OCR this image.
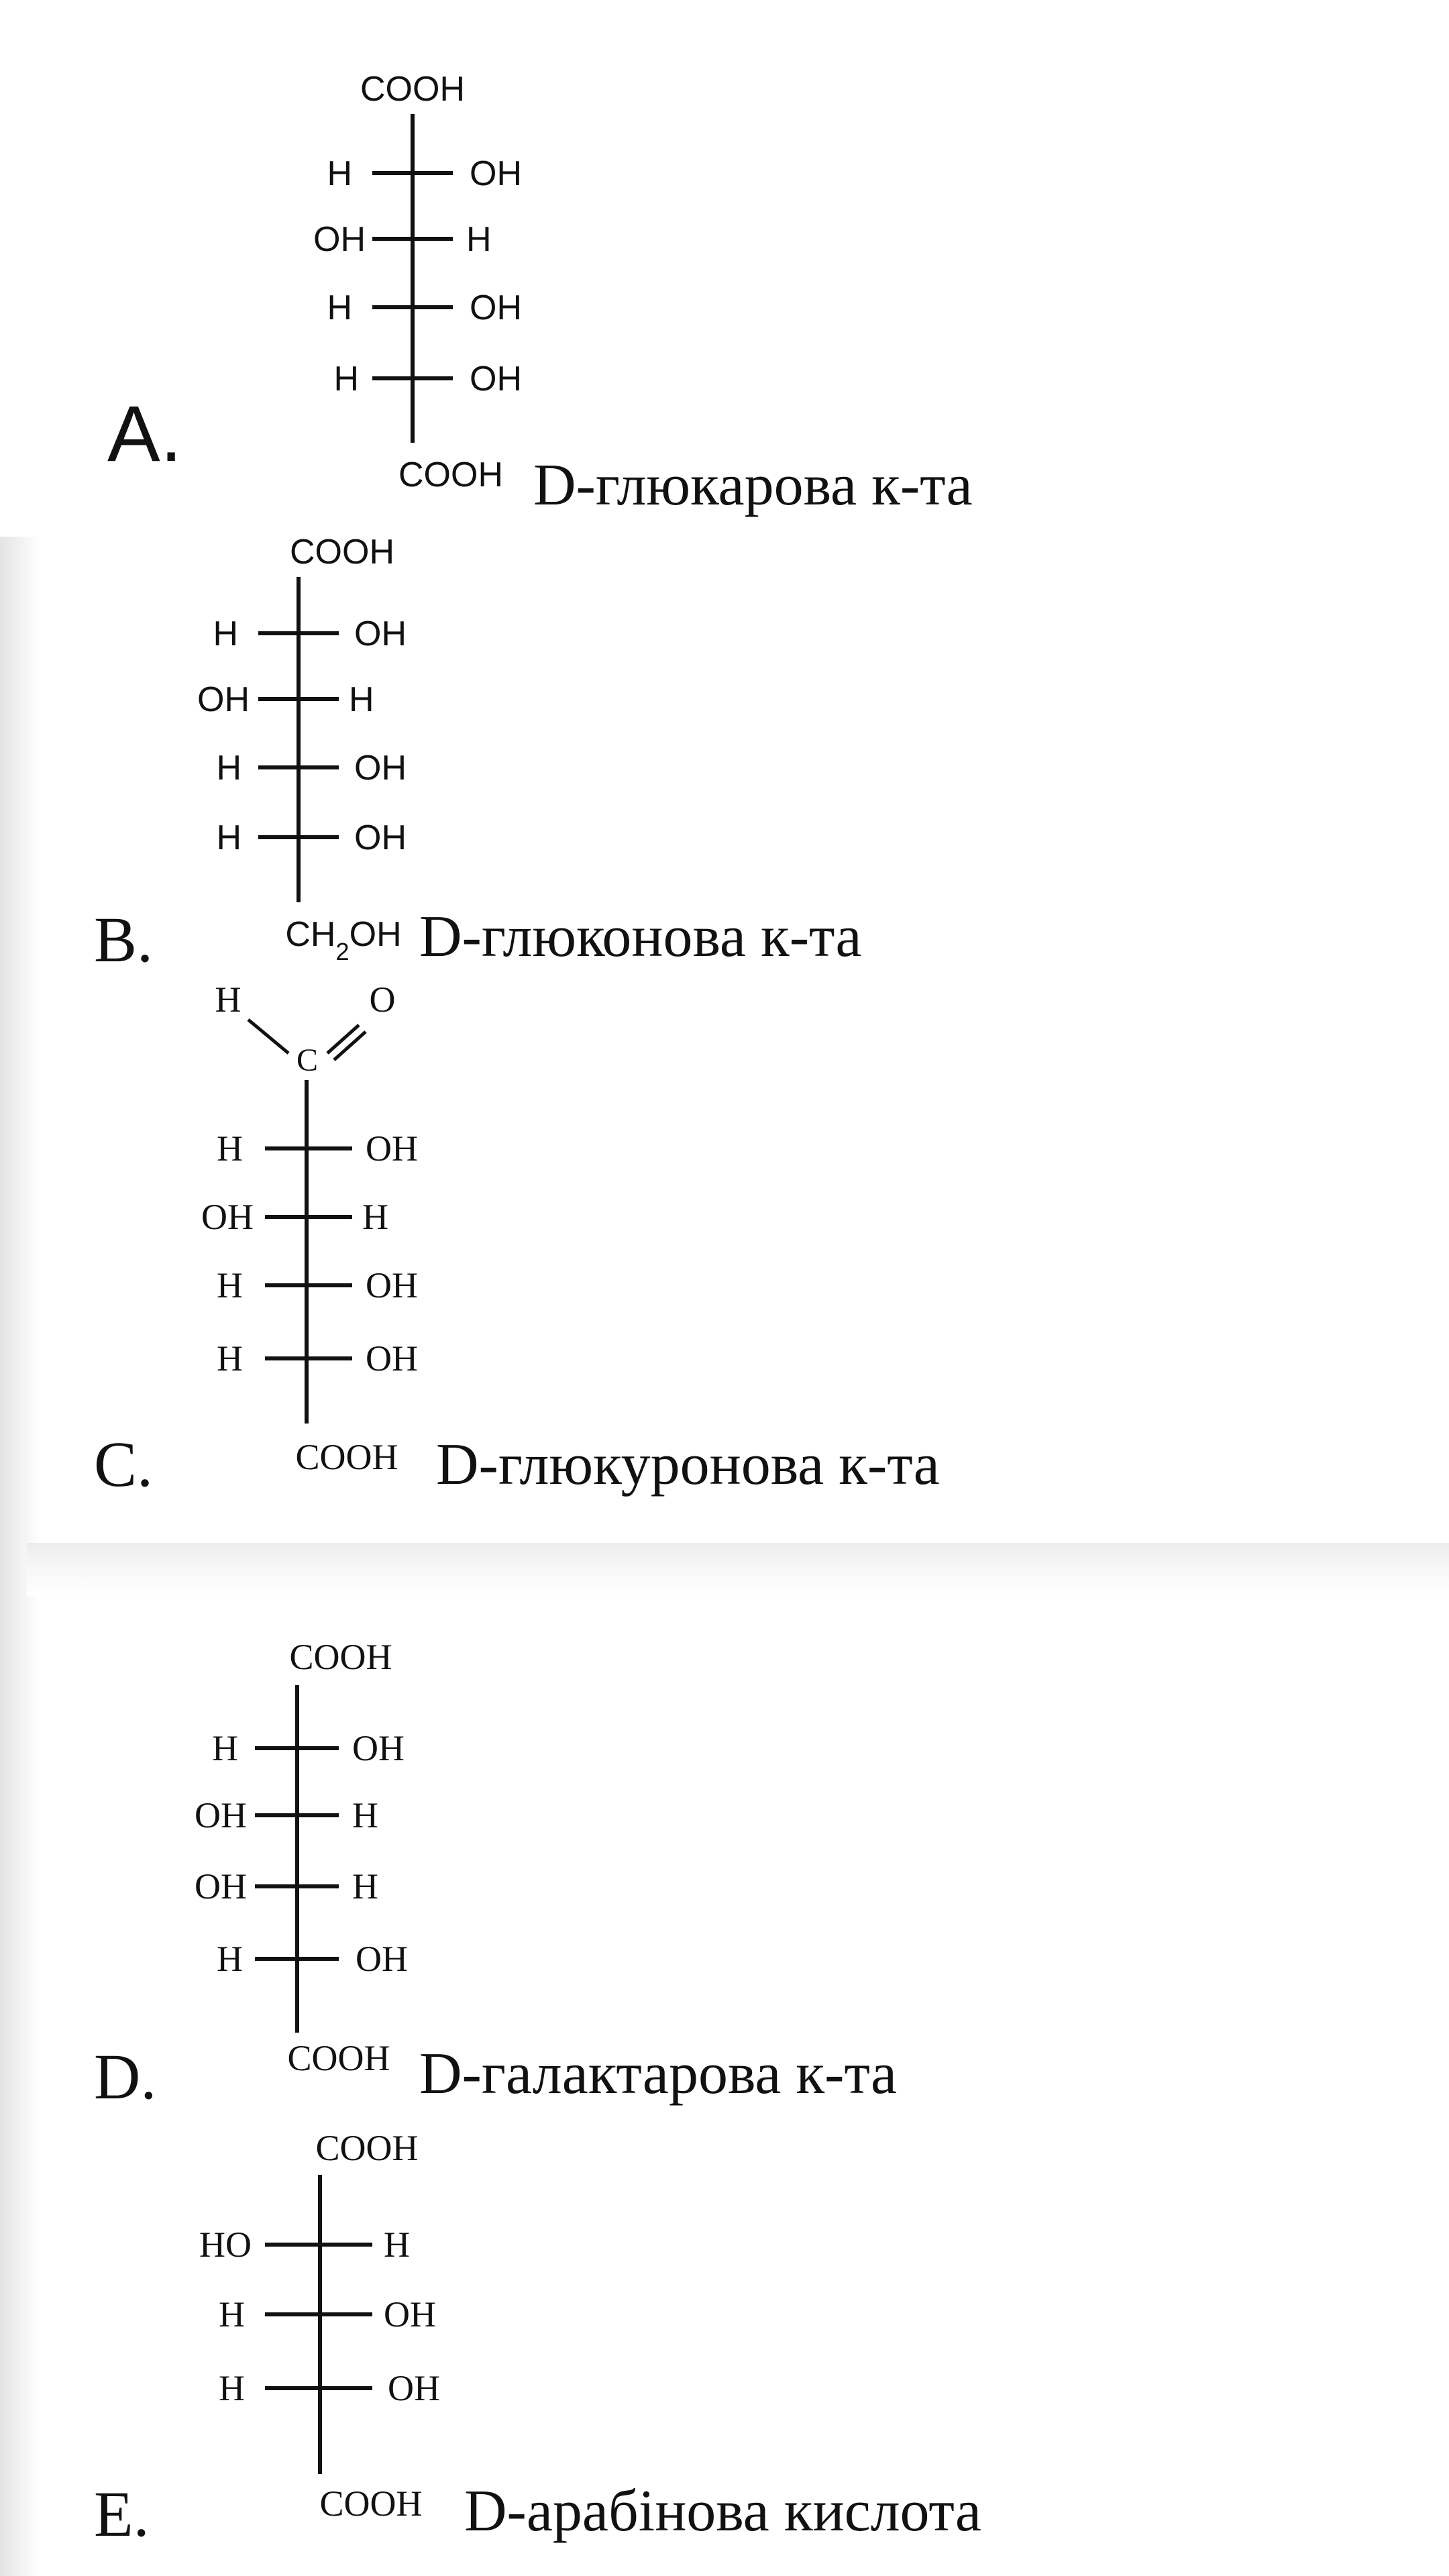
COOH
H	OH
OH	H
H	OH
H	OH
COOH
A.
D-глюкарова к-та
COOH
H	OH
OH	H
H	OH
H	OH
$CH_2OH$
B.	D-глюконова к-та
H
C
O
H	OH
OH	H
H	OH
H	OH
COOH
C.	D-глюкуронова к-та
COOH
H	OH
OH	H
OH	H
H	OH
COOH
D.	D-галактарова к-та
COOH
HO	H
H	OH
H	OH
COOH
E.	D-арабінова кислота
